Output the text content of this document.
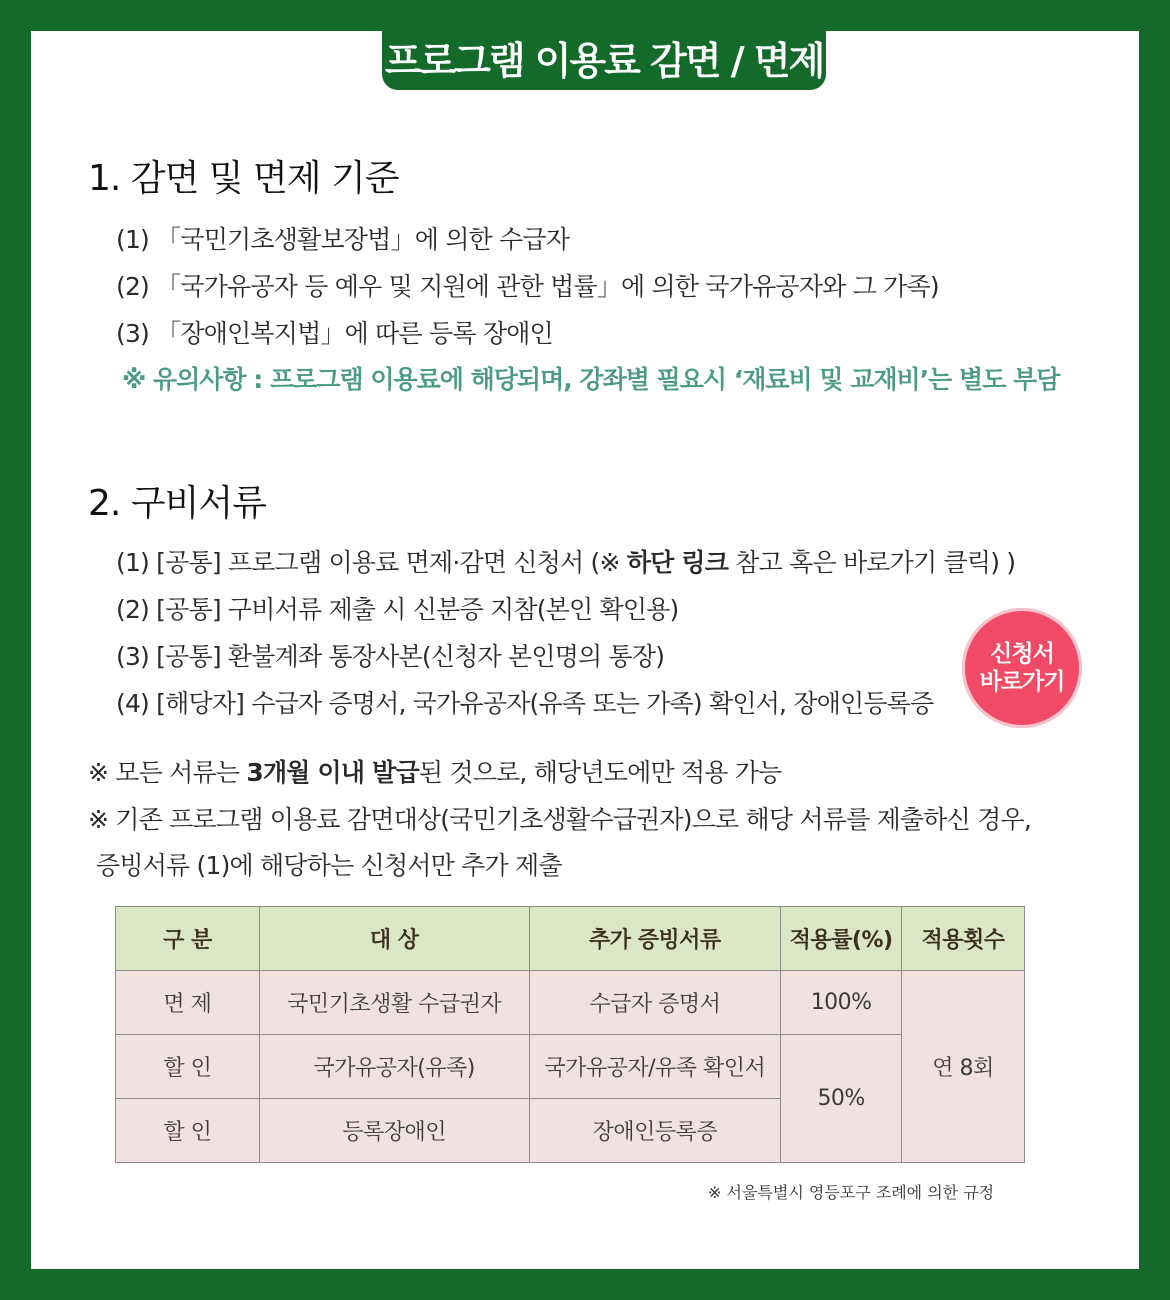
프로그램 이용료 감면 / 면제
1. 감면 및 면제 기준
(1) 「국민기초생활보장법」에 의한 수급자
(2) 「국가유공자 등 예우 및 지원에 관한 법률」에 의한 국가유공자와 그 가족)
(3) 「장애인복지법」에 따른 등록 장애인
※ 유의사항 : 프로그램 이용료에 해당되며, 강좌별 필요시 ‘재료비 및 교재비’는 별도 부담
2. 구비서류
(1) [공통] 프로그램 이용료 면제·감면 신청서 (※ 하단 링크 참고 혹은 바로가기 클릭) )
(2) [공통] 구비서류 제출 시 신분증 지참(본인 확인용)
(3) [공통] 환불계좌 통장사본(신청자 본인명의 통장)
(4) [해당자] 수급자 증명서, 국가유공자(유족 또는 가족) 확인서, 장애인등록증
신청서
바로가기
※ 모든 서류는 3개월 이내 발급된 것으로, 해당년도에만 적용 가능
※ 기존 프로그램 이용료 감면대상(국민기초생활수급권자)으로 해당 서류를 제출하신 경우,
증빙서류 (1)에 해당하는 신청서만 추가 제출
구 분	대 상	추가 증빙서류	적용률(%)	적용횟수
면 제	국민기초생활 수급권자	수급자 증명서	100%	연 8회
할 인	국가유공자(유족)	국가유공자/유족 확인서	50%	
할 인	등록장애인	장애인등록증		
※ 서울특별시 영등포구 조례에 의한 규정
